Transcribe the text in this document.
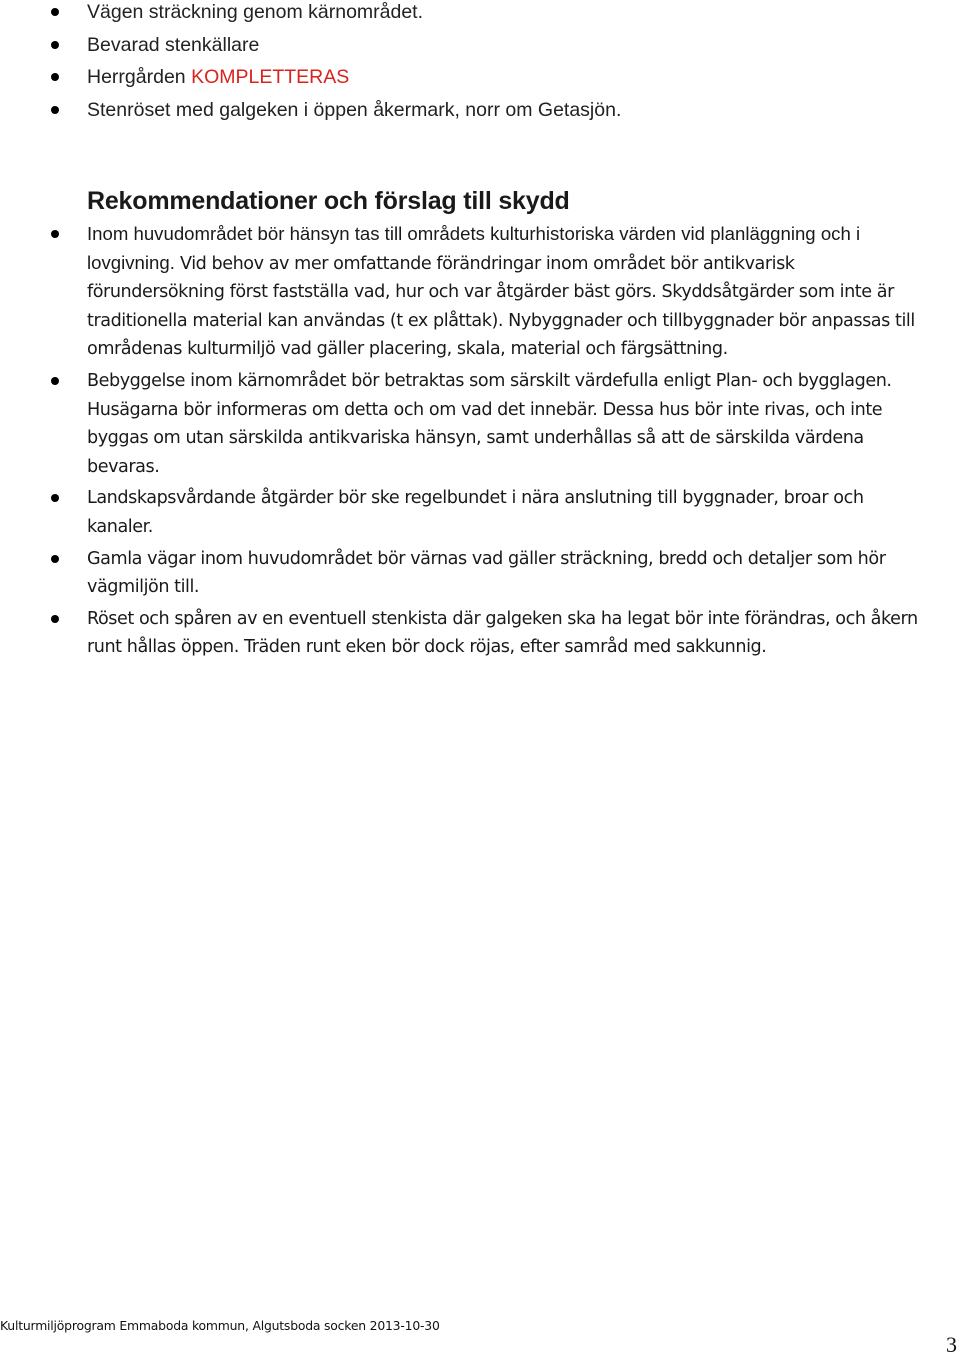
Vägen sträckning genom kärnområdet.
Bevarad stenkällare
Herrgården KOMPLETTERAS
Stenröset med galgeken i öppen åkermark, norr om Getasjön.
Rekommendationer och förslag till skydd
Inom huvudområdet bör hänsyn tas till områdets kulturhistoriska värden vid planläggning och i lovgivning. Vid behov av mer omfattande förändringar inom området bör antikvarisk förundersökning först fastställa vad, hur och var åtgärder bäst görs. Skyddsåtgärder som inte är traditionella material kan användas (t ex plåttak). Nybyggnader och tillbyggnader bör anpassas till områdenas kulturmiljö vad gäller placering, skala, material och färgsättning.
Bebyggelse inom kärnområdet bör betraktas som särskilt värdefulla enligt Plan- och bygglagen. Husägarna bör informeras om detta och om vad det innebär. Dessa hus bör inte rivas, och inte byggas om utan särskilda antikvariska hänsyn, samt underhållas så att de särskilda värdena bevaras.
Landskapsvårdande åtgärder bör ske regelbundet i nära anslutning till byggnader, broar och kanaler.
Gamla vägar inom huvudområdet bör värnas vad gäller sträckning, bredd och detaljer som hör vägmiljön till.
Röset och spåren av en eventuell stenkista där galgeken ska ha legat bör inte förändras, och åkern runt hållas öppen. Träden runt eken bör dock röjas, efter samråd med sakkunnig.
Kulturmiljöprogram Emmaboda kommun, Algutsboda socken 2013-10-30
3
